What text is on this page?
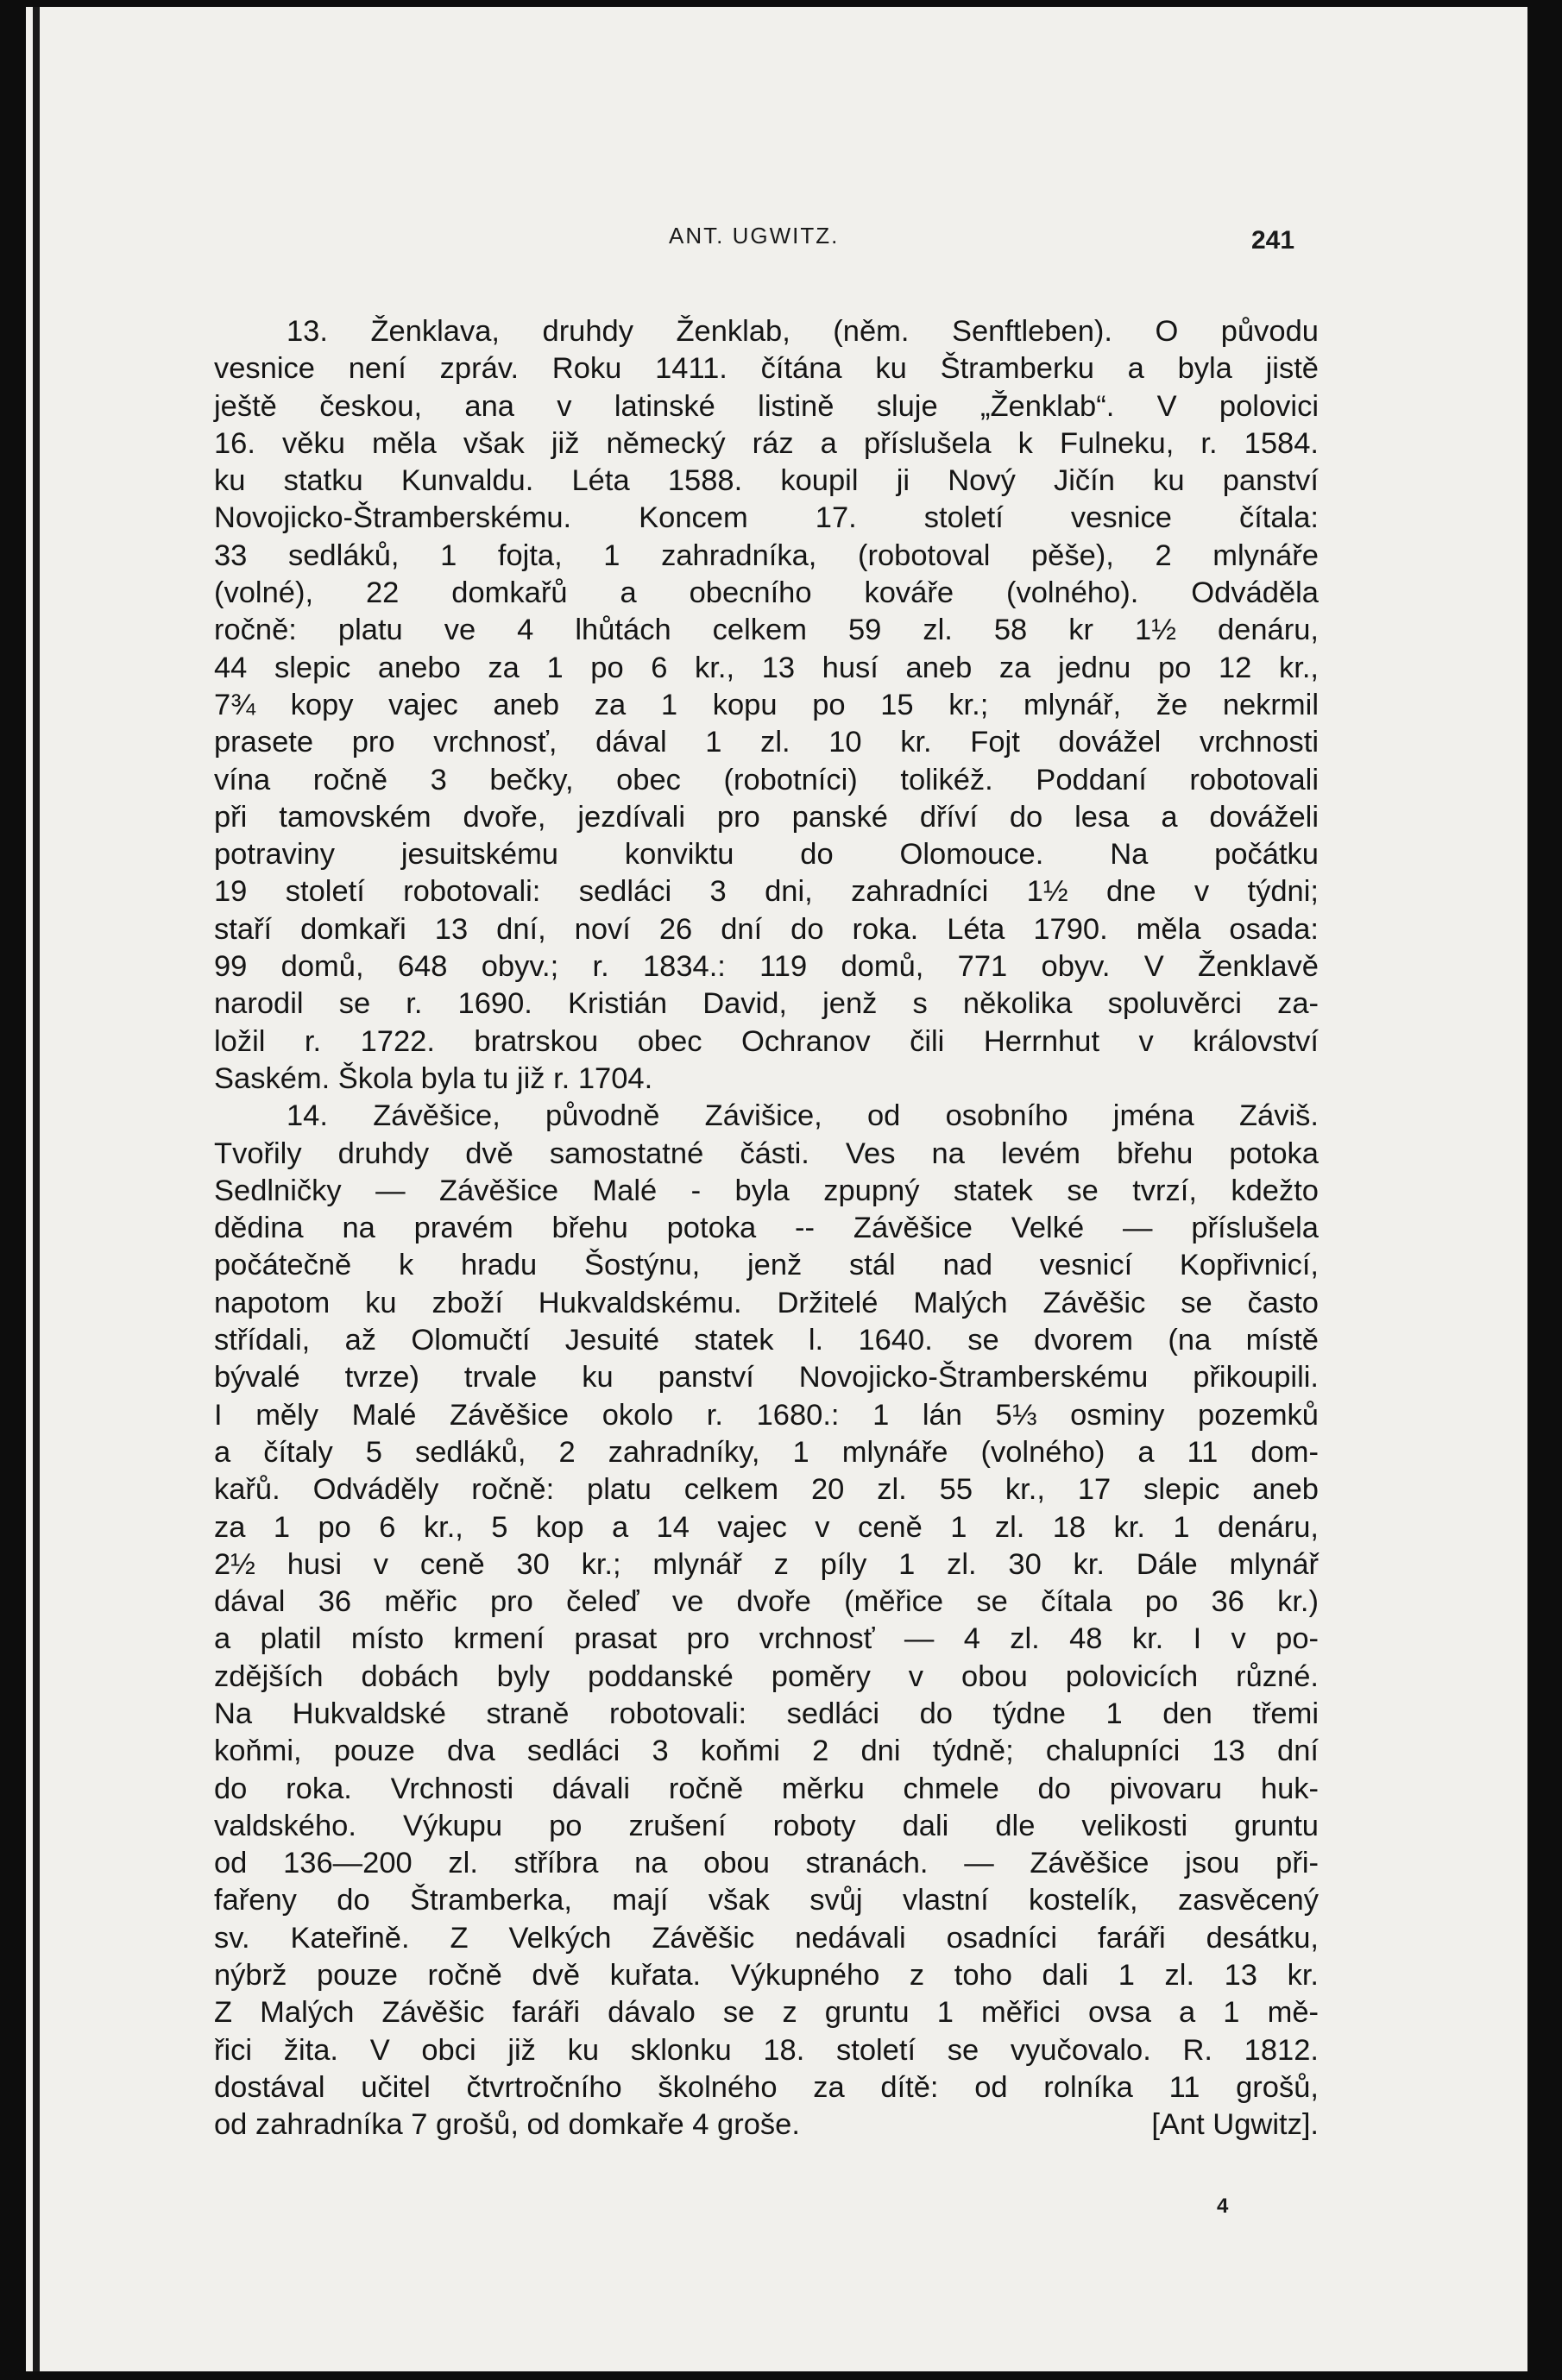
ANT. UGWITZ.	241
13. Ženklava, druhdy Ženklab, (něm. Senftleben). O původu
vesnice není zpráv. Roku 1411. čítána ku Štramberku a byla jistě
ještě českou, ana v latinské listině sluje „Ženklab“. V polovici
16. věku měla však již německý ráz a příslušela k Fulneku, r. 1584.
ku statku Kunvaldu. Léta 1588. koupil ji Nový Jičín ku panství
Novojicko-Štramberskému. Koncem 17. století vesnice čítala:
33 sedláků, 1 fojta, 1 zahradníka, (robotoval pěše), 2 mlynáře
(volné), 22 domkařů a obecního kováře (volného). Odváděla
ročně: platu ve 4 lhůtách celkem 59 zl. 58 kr 1½ denáru,
44 slepic anebo za 1 po 6 kr., 13 husí aneb za jednu po 12 kr.,
7¾ kopy vajec aneb za 1 kopu po 15 kr.; mlynář, že nekrmil
prasete pro vrchnosť, dával 1 zl. 10 kr. Fojt dovážel vrchnosti
vína ročně 3 bečky, obec (robotníci) tolikéž. Poddaní robotovali
při tamovském dvoře, jezdívali pro panské dříví do lesa a dováželi
potraviny jesuitskému konviktu do Olomouce. Na počátku
19 století robotovali: sedláci 3 dni, zahradníci 1½ dne v týdni;
staří domkaři 13 dní, noví 26 dní do roka. Léta 1790. měla osada:
99 domů, 648 obyv.; r. 1834.: 119 domů, 771 obyv. V Ženklavě
narodil se r. 1690. Kristián David, jenž s několika spoluvěrci za-
ložil r. 1722. bratrskou obec Ochranov čili Herrnhut v království
Saském. Škola byla tu již r. 1704.
14. Závěšice, původně Závišice, od osobního jména Záviš.
Tvořily druhdy dvě samostatné části. Ves na levém břehu potoka
Sedlničky — Závěšice Malé - byla zpupný statek se tvrzí, kdežto
dědina na pravém břehu potoka -- Závěšice Velké — příslušela
počátečně k hradu Šostýnu, jenž stál nad vesnicí Kopřivnicí,
napotom ku zboží Hukvaldskému. Držitelé Malých Závěšic se často
střídali, až Olomučtí Jesuité statek l. 1640. se dvorem (na místě
bývalé tvrze) trvale ku panství Novojicko-Štramberskému přikoupili.
I měly Malé Závěšice okolo r. 1680.: 1 lán 5⅓ osminy pozemků
a čítaly 5 sedláků, 2 zahradníky, 1 mlynáře (volného) a 11 dom-
kařů. Odváděly ročně: platu celkem 20 zl. 55 kr., 17 slepic aneb
za 1 po 6 kr., 5 kop a 14 vajec v ceně 1 zl. 18 kr. 1 denáru,
2½ husi v ceně 30 kr.; mlynář z píly 1 zl. 30 kr. Dále mlynář
dával 36 měřic pro čeleď ve dvoře (měřice se čítala po 36 kr.)
a platil místo krmení prasat pro vrchnosť — 4 zl. 48 kr. I v po-
zdějších dobách byly poddanské poměry v obou polovicích různé.
Na Hukvaldské straně robotovali: sedláci do týdne 1 den třemi
koňmi, pouze dva sedláci 3 koňmi 2 dni týdně; chalupníci 13 dní
do roka. Vrchnosti dávali ročně měrku chmele do pivovaru huk-
valdského. Výkupu po zrušení roboty dali dle velikosti gruntu
od 136—200 zl. stříbra na obou stranách. — Závěšice jsou při-
fařeny do Štramberka, mají však svůj vlastní kostelík, zasvěcený
sv. Kateřině. Z Velkých Závěšic nedávali osadníci faráři desátku,
nýbrž pouze ročně dvě kuřata. Výkupného z toho dali 1 zl. 13 kr.
Z Malých Závěšic faráři dávalo se z gruntu 1 měřici ovsa a 1 mě-
řici žita. V obci již ku sklonku 18. století se vyučovalo. R. 1812.
dostával učitel čtvrtročního školného za dítě: od rolníka 11 grošů,
od zahradníka 7 grošů, od domkaře 4 groše.	[Ant Ugwitz].
4
